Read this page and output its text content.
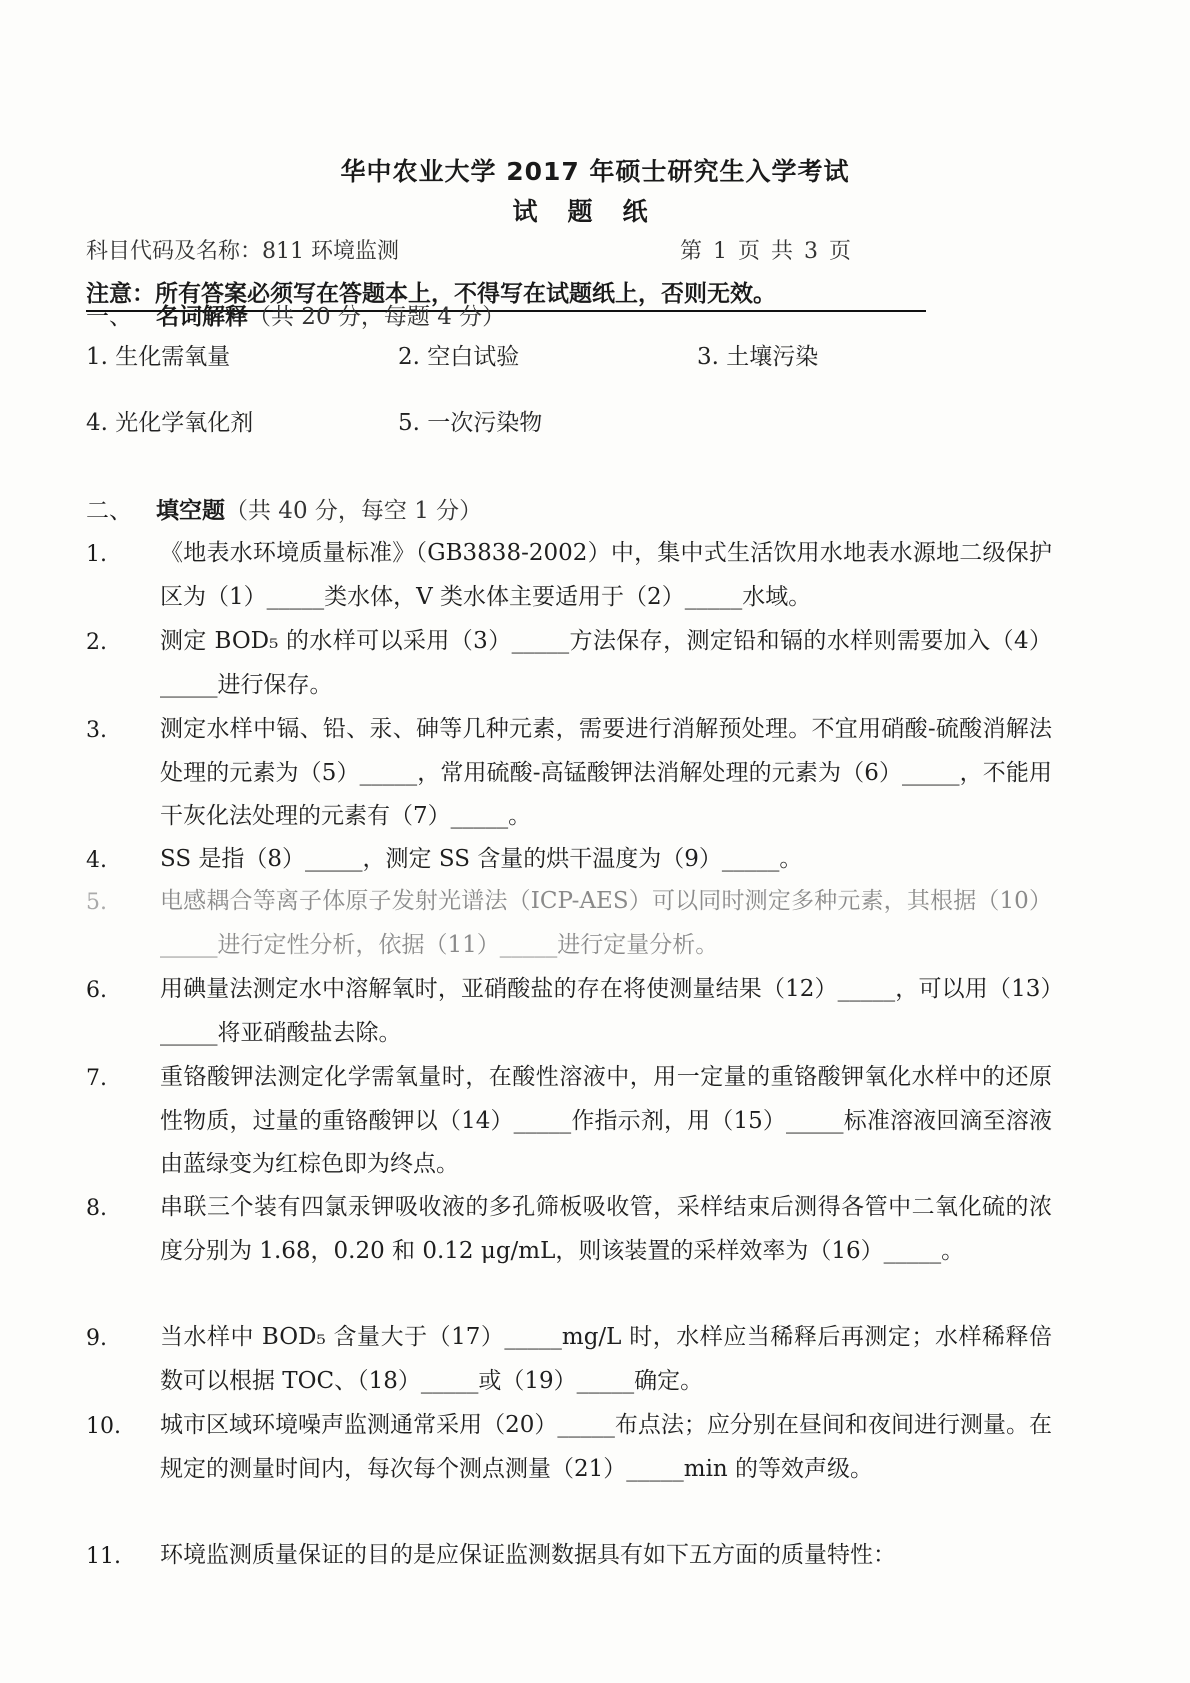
华中农业大学 2017 年硕士研究生入学考试
试题纸
科目代码及名称：811 环境监测	第 1 页 共 3 页
注意：所有答案必须写在答题本上，不得写在试题纸上，否则无效。
一、 名词解释（共 20 分，每题 4 分）
1. 生化需氧量	2. 空白试验	3. 土壤污染
4. 光化学氧化剂	5. 一次污染物
二、 填空题（共 40 分，每空 1 分）
1. 《地表水环境质量标准》（GB3838-2002）中，集中式生活饮用水地表水源地二级保护区为（1）_____类水体，V 类水体主要适用于（2）_____水域。
2. 测定 BOD₅ 的水样可以采用（3）_____方法保存，测定铅和镉的水样则需要加入（4）_____进行保存。
3. 测定水样中镉、铅、汞、砷等几种元素，需要进行消解预处理。不宜用硝酸-硫酸消解法处理的元素为（5）_____，常用硫酸-高锰酸钾法消解处理的元素为（6）_____，不能用干灰化法处理的元素有（7）_____。
4. SS 是指（8）_____，测定 SS 含量的烘干温度为（9）_____。
5. 电感耦合等离子体原子发射光谱法（ICP-AES）可以同时测定多种元素，其根据（10）_____进行定性分析，依据（11）_____进行定量分析。
6. 用碘量法测定水中溶解氧时，亚硝酸盐的存在将使测量结果（12）_____，可以用（13）_____将亚硝酸盐去除。
7. 重铬酸钾法测定化学需氧量时，在酸性溶液中，用一定量的重铬酸钾氧化水样中的还原性物质，过量的重铬酸钾以（14）_____作指示剂，用（15）_____标准溶液回滴至溶液由蓝绿变为红棕色即为终点。
8. 串联三个装有四氯汞钾吸收液的多孔筛板吸收管，采样结束后测得各管中二氧化硫的浓度分别为 1.68，0.20 和 0.12 μg/mL，则该装置的采样效率为（16）_____。
9. 当水样中 BOD₅ 含量大于（17）_____mg/L 时，水样应当稀释后再测定；水样稀释倍数可以根据 TOC、（18）_____或（19）_____确定。
10. 城市区域环境噪声监测通常采用（20）_____布点法；应分别在昼间和夜间进行测量。在规定的测量时间内，每次每个测点测量（21）_____min 的等效声级。
11. 环境监测质量保证的目的是应保证监测数据具有如下五方面的质量特性：
